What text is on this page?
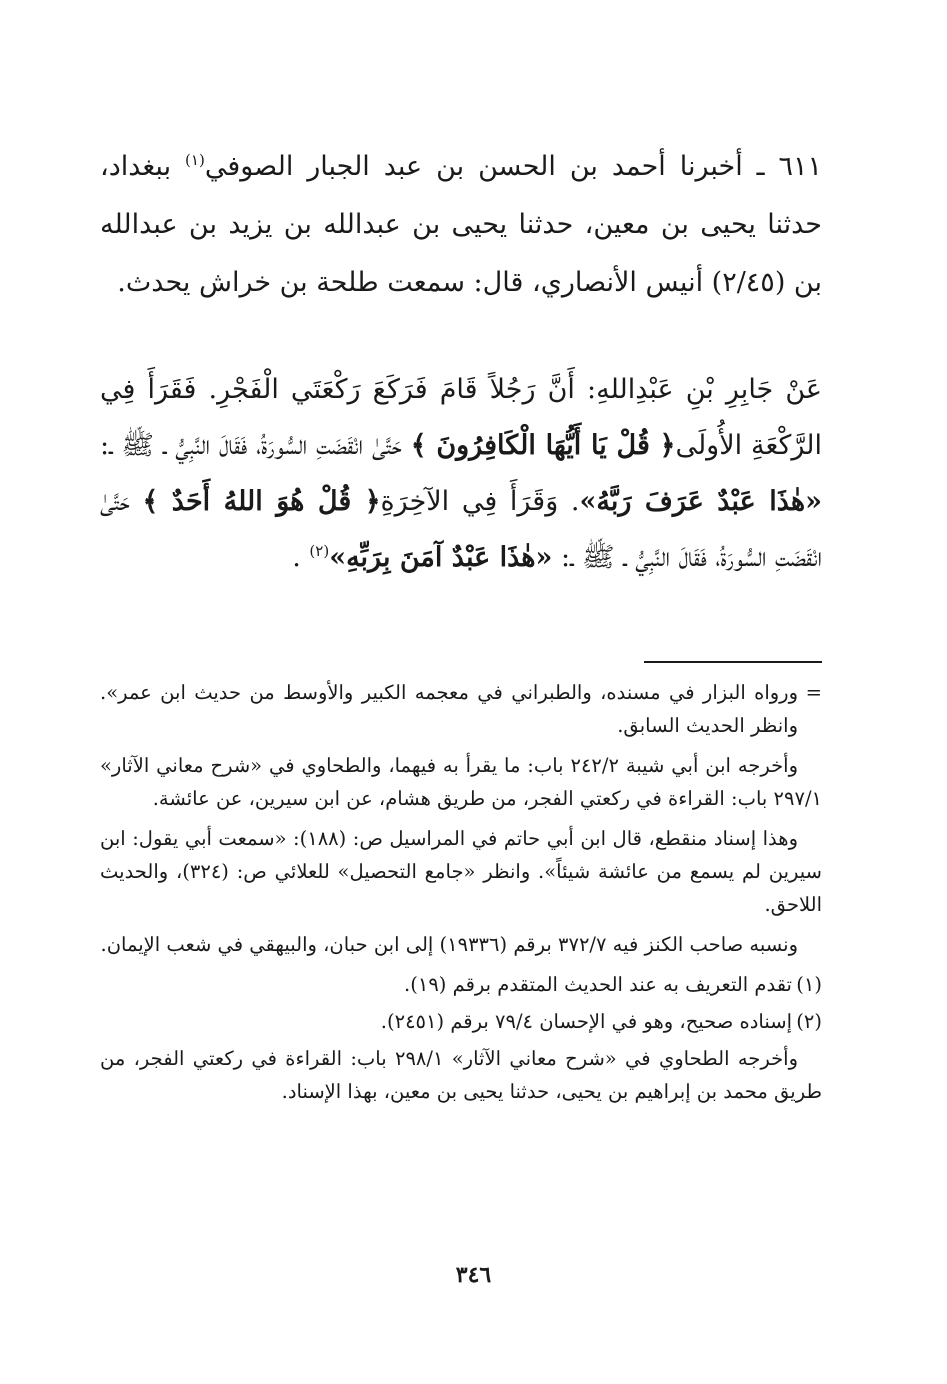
٦١١ ـ أخبرنا أحمد بن الحسن بن عبد الجبار الصوفي$^{(١)}$ ببغداد، حدثنا يحيى بن معين، حدثنا يحيى بن عبدالله بن يزيد بن عبدالله بن (٢/٤٥) أنيس الأنصاري، قال: سمعت طلحة بن خراش يحدث.

عَنْ جَابِرِ بْنِ عَبْدِاللهِ: أَنَّ رَجُلاً قَامَ فَرَكَعَ رَكْعَتَي الْفَجْرِ. فَقَرَأَ فِي الرَّكْعَةِ الأُولَى﴿ قُلْ يَا أَيُّهَا الْكَافِرُونَ ﴾ حَتَّىٰ انْقَضَتِ السُّورَةُ، فَقَالَ النَّبِيُّ ـ ﷺ ـ: «هٰذَا عَبْدٌ عَرَفَ رَبَّهُ». وَقَرَأَ فِي الآخِرَةِ﴿ قُلْ هُوَ اللهُ أَحَدٌ ﴾ حَتَّىٰ انْقَضَتِ السُّورَةُ، فَقَالَ النَّبِيُّ ـ ﷺ ـ: «هٰذَا عَبْدٌ آمَنَ بِرَبِّهِ»$^{(٢)}$ .

=
ورواه البزار في مسنده، والطبراني في معجمه الكبير والأوسط من حديث ابن عمر». وانظر الحديث السابق.

وأخرجه ابن أبي شيبة ٢٤٢/٢ باب: ما يقرأ به فيهما، والطحاوي في «شرح معاني الآثار» ٢٩٧/١ باب: القراءة في ركعتي الفجر، من طريق هشام، عن ابن سيرين، عن عائشة.

وهذا إسناد منقطع، قال ابن أبي حاتم في المراسيل ص: (١٨٨): «سمعت أبي يقول: ابن سيرين لم يسمع من عائشة شيئاً». وانظر «جامع التحصيل» للعلائي ص: (٣٢٤)، والحديث اللاحق.

ونسبه صاحب الكنز فيه ٣٧٢/٧ برقم (١٩٣٣٦) إلى ابن حبان، والبيهقي في شعب الإيمان.

(١)
تقدم التعريف به عند الحديث المتقدم برقم (١٩).

(٢)
إسناده صحيح، وهو في الإحسان ٧٩/٤ برقم (٢٤٥١).

وأخرجه الطحاوي في «شرح معاني الآثار» ٢٩٨/١ باب: القراءة في ركعتي الفجر، من طريق محمد بن إبراهيم بن يحيى، حدثنا يحيى بن معين، بهذا الإسناد.

٣٤٦
